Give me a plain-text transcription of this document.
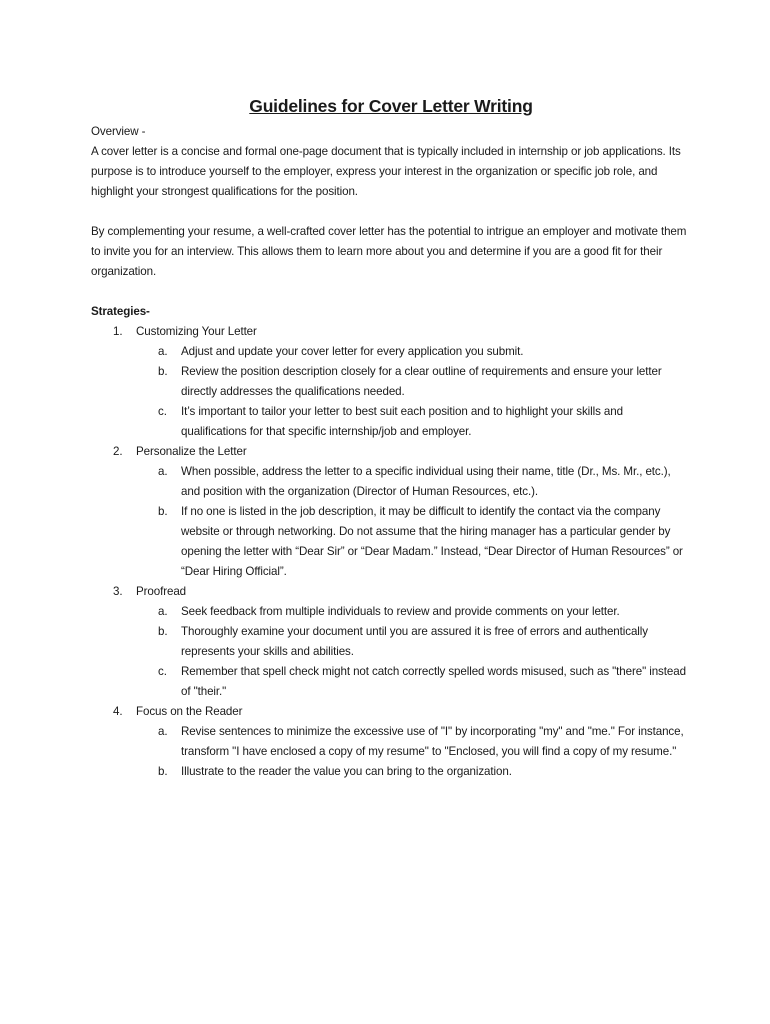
Guidelines for Cover Letter Writing

Overview -

A cover letter is a concise and formal one-page document that is typically included in internship or job applications. Its purpose is to introduce yourself to the employer, express your interest in the organization or specific job role, and highlight your strongest qualifications for the position.

By complementing your resume, a well-crafted cover letter has the potential to intrigue an employer and motivate them to invite you for an interview. This allows them to learn more about you and determine if you are a good fit for their organization.

Strategies-

1. Customizing Your Letter
a. Adjust and update your cover letter for every application you submit.
b. Review the position description closely for a clear outline of requirements and ensure your letter directly addresses the qualifications needed.
c. It’s important to tailor your letter to best suit each position and to highlight your skills and qualifications for that specific internship/job and employer.
2. Personalize the Letter
a. When possible, address the letter to a specific individual using their name, title (Dr., Ms. Mr., etc.), and position with the organization (Director of Human Resources, etc.).
b. If no one is listed in the job description, it may be difficult to identify the contact via the company website or through networking. Do not assume that the hiring manager has a particular gender by opening the letter with “Dear Sir” or “Dear Madam.” Instead, “Dear Director of Human Resources” or “Dear Hiring Official”.
3. Proofread
a. Seek feedback from multiple individuals to review and provide comments on your letter.
b. Thoroughly examine your document until you are assured it is free of errors and authentically represents your skills and abilities.
c. Remember that spell check might not catch correctly spelled words misused, such as "there" instead of "their."
4. Focus on the Reader
a. Revise sentences to minimize the excessive use of "I" by incorporating "my" and "me." For instance, transform "I have enclosed a copy of my resume" to "Enclosed, you will find a copy of my resume."
b. Illustrate to the reader the value you can bring to the organization.
